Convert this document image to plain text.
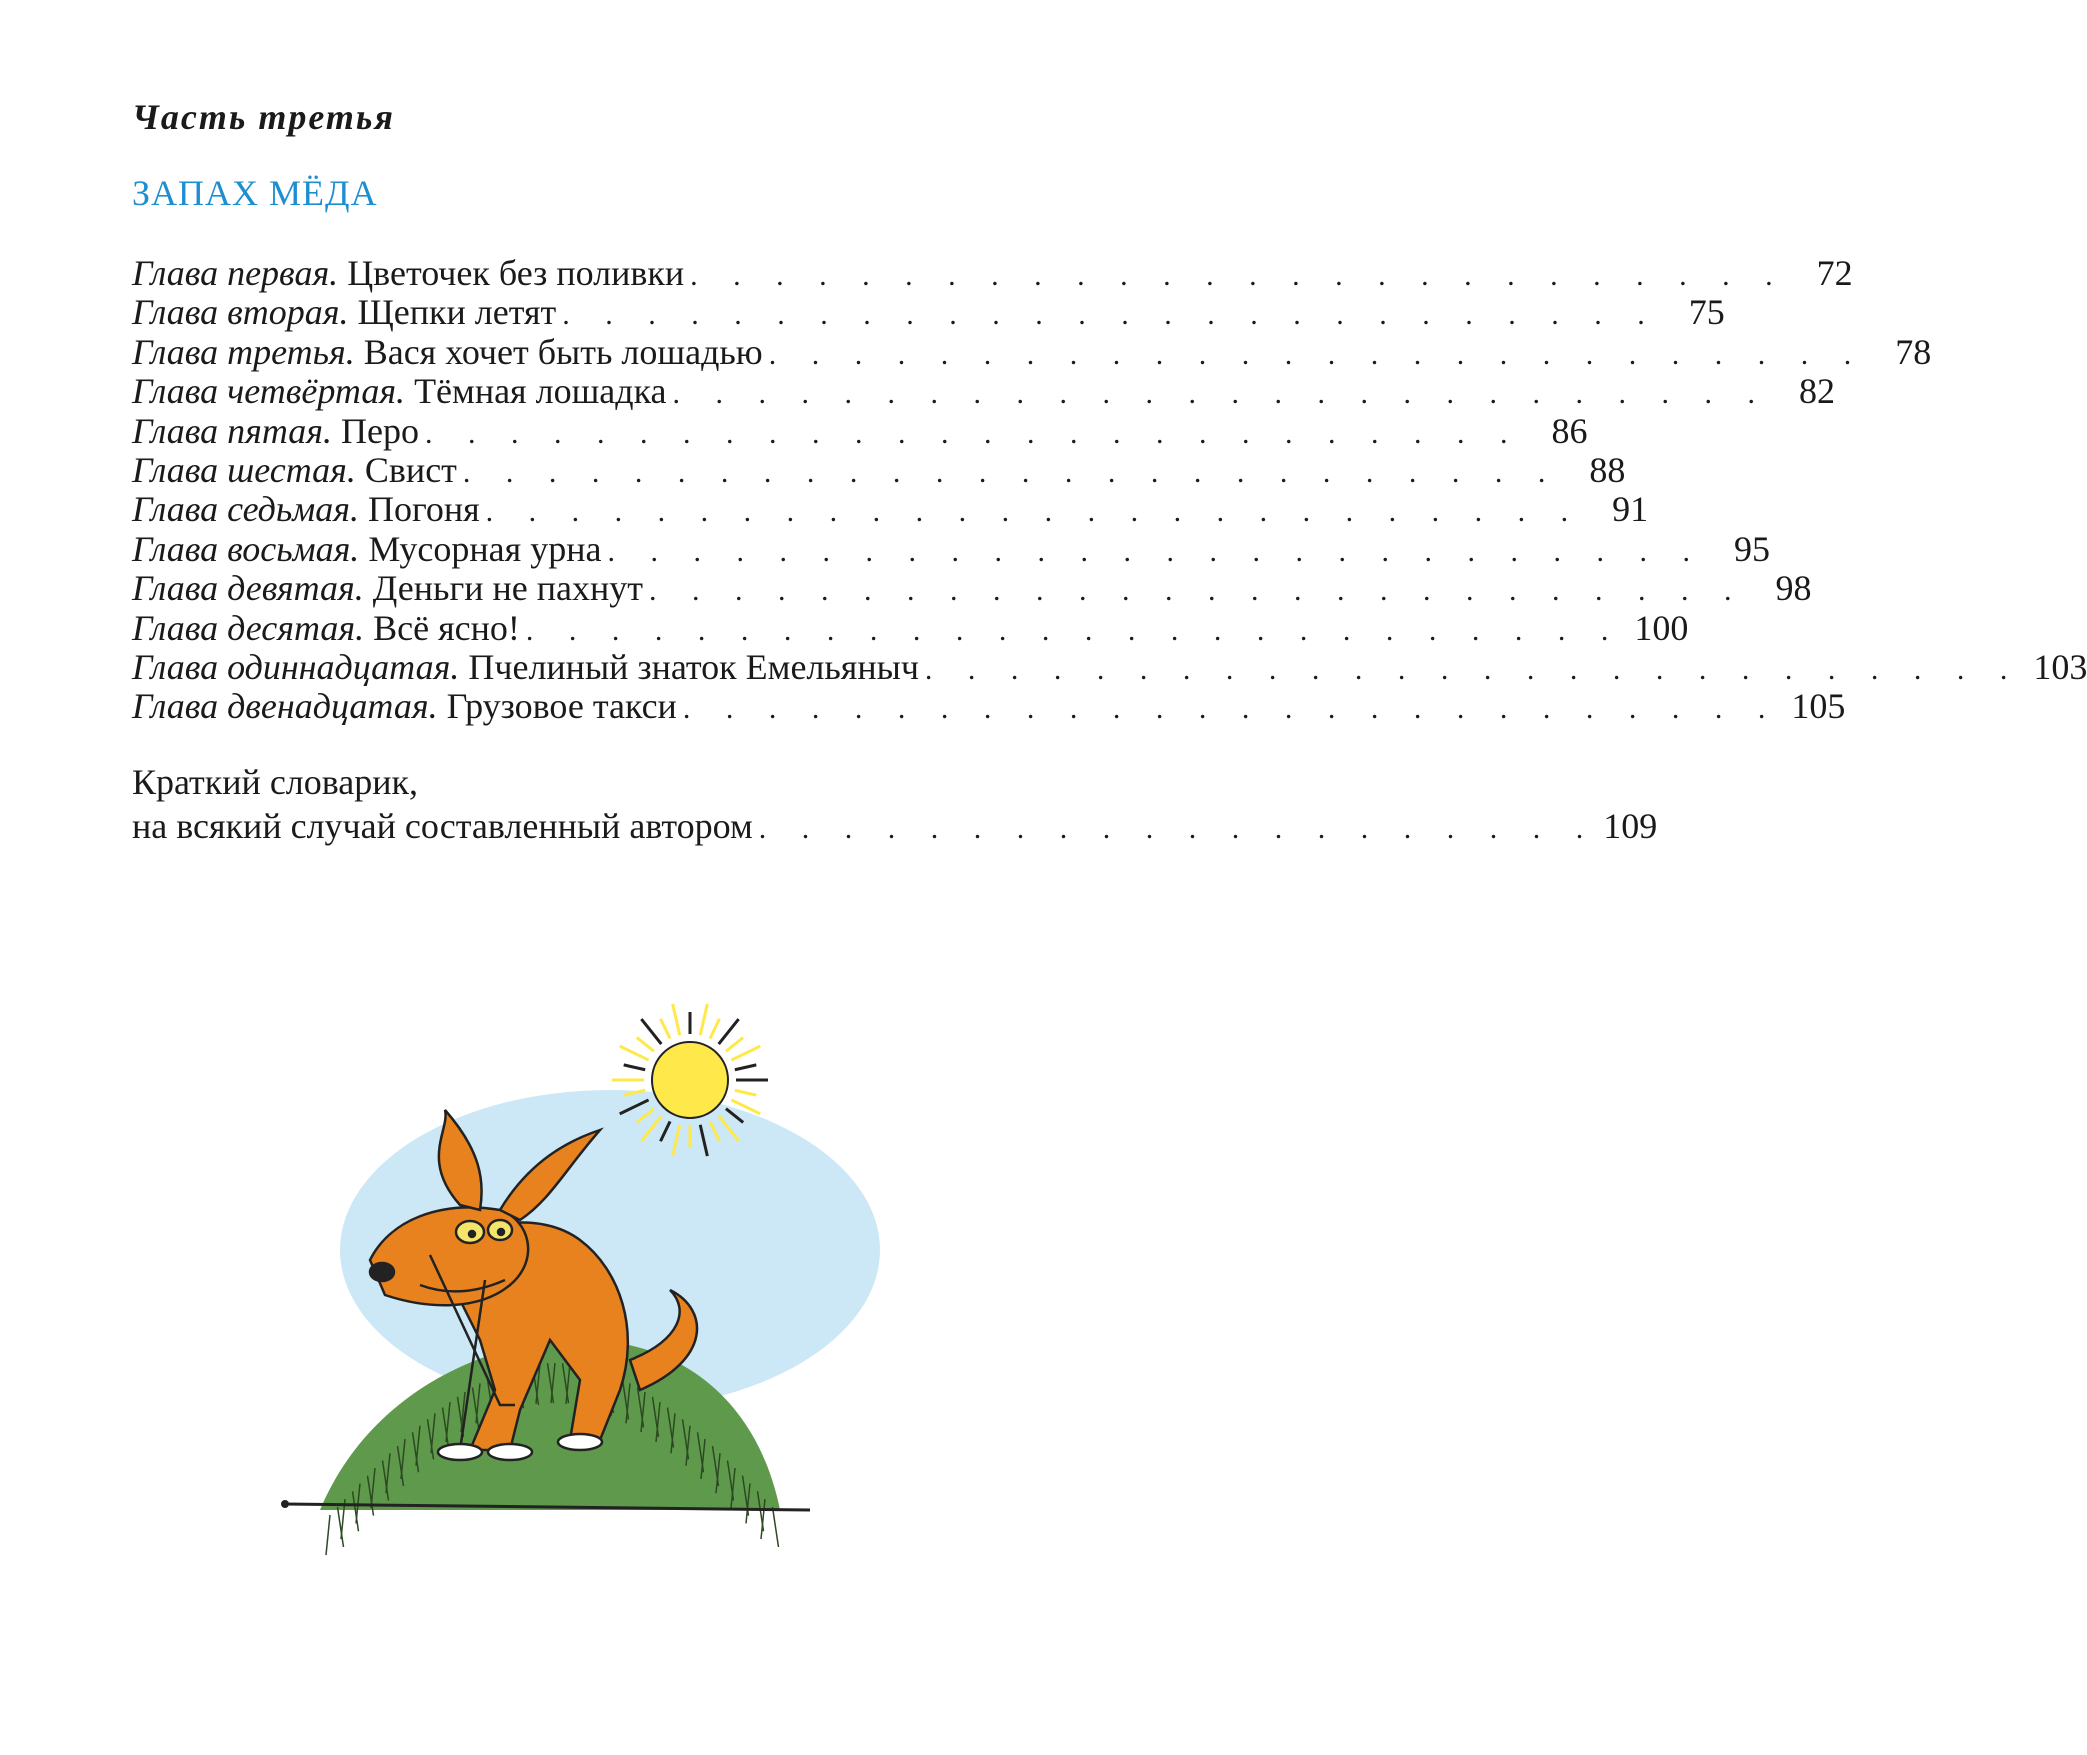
Часть третья
ЗАПАХ МЁДА
Глава первая.
Цветочек без поливки . . . . . . . . . . . . . . . . . . . . . . . . . . 72
Глава вторая.
Щепки летят . . . . . . . . . . . . . . . . . . . . . . . . . . 75
Глава третья.
Вася хочет быть лошадью . . . . . . . . . . . . . . . . . . . . . . . . . . 78
Глава четвёртая.
Тёмная лошадка . . . . . . . . . . . . . . . . . . . . . . . . . . 82
Глава пятая.
Перо . . . . . . . . . . . . . . . . . . . . . . . . . . 86
Глава шестая.
Свист . . . . . . . . . . . . . . . . . . . . . . . . . . 88
Глава седьмая.
Погоня . . . . . . . . . . . . . . . . . . . . . . . . . . 91
Глава восьмая.
Мусорная урна . . . . . . . . . . . . . . . . . . . . . . . . . . 95
Глава девятая.
Деньги не пахнут . . . . . . . . . . . . . . . . . . . . . . . . . . 98
Глава десятая.
Всё ясно! . . . . . . . . . . . . . . . . . . . . . . . . . . 100
Глава одиннадцатая.
Пчелиный знаток Емельяныч . . . . . . . . . . . . . . . . . . . . . . . . . . 103
Глава двенадцатая.
Грузовое такси . . . . . . . . . . . . . . . . . . . . . . . . . . 105
Краткий словарик,
на всякий случай составленный автором . . . . . . . . . . . . . . . . . . . . 109
